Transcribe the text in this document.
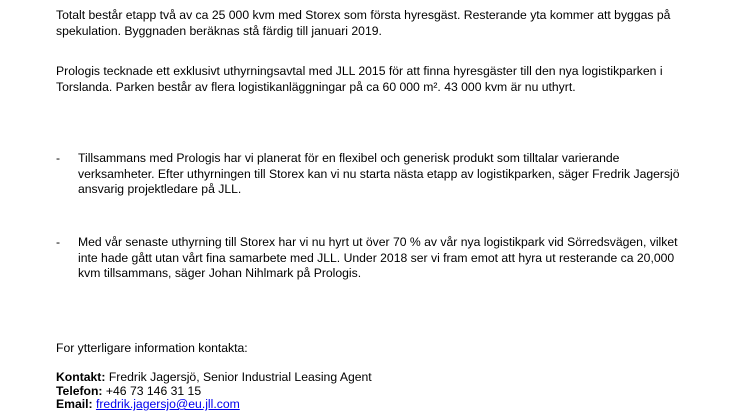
Totalt består etapp två av ca 25 000 kvm med Storex som första hyresgäst. Resterande yta kommer att byggas på spekulation. Byggnaden beräknas stå färdig till januari 2019.

Prologis tecknade ett exklusivt uthyrningsavtal med JLL 2015 för att finna hyresgäster till den nya logistikparken i Torslanda. Parken består av flera logistikanläggningar på ca 60 000 m². 43 000 kvm är nu uthyrt.

- Tillsammans med Prologis har vi planerat för en flexibel och generisk produkt som tilltalar varierande verksamheter. Efter uthyrningen till Storex kan vi nu starta nästa etapp av logistikparken, säger Fredrik Jagersjö ansvarig projektledare på JLL.

- Med vår senaste uthyrning till Storex har vi nu hyrt ut över 70 % av vår nya logistikpark vid Sörredsvägen, vilket inte hade gått utan vårt fina samarbete med JLL. Under 2018 ser vi fram emot att hyra ut resterande ca 20,000 kvm tillsammans, säger Johan Nihlmark på Prologis.

For ytterligare information kontakta:

Kontakt: Fredrik Jagersjö, Senior Industrial Leasing Agent
Telefon: +46 73 146 31 15
Email: fredrik.jagersjo@eu.jll.com
